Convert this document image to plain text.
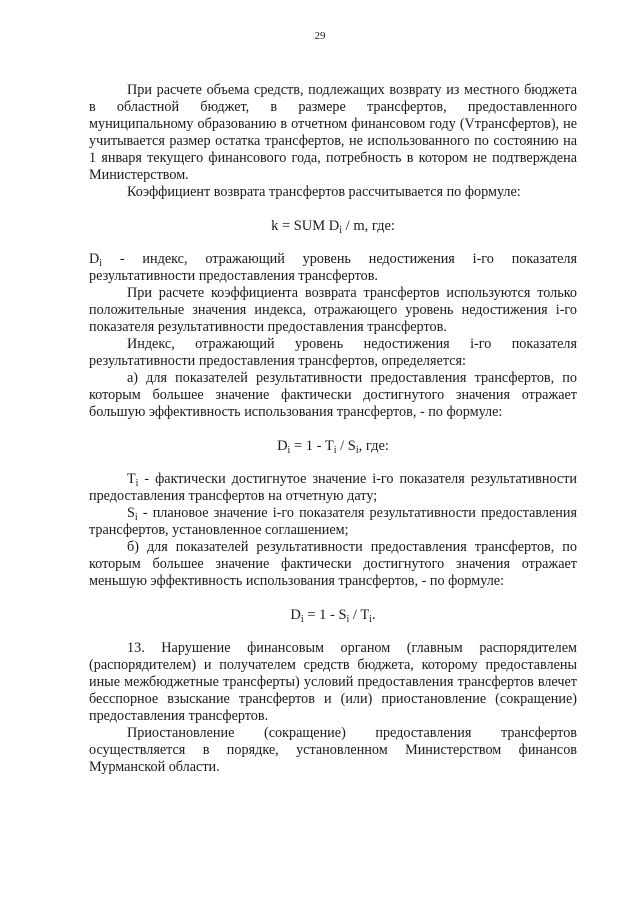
29

При расчете объема средств, подлежащих возврату из местного бюджета в областной бюджет, в размере трансфертов, предоставленного муниципальному образованию в отчетном финансовом году (Vтрансфертов), не учитывается размер остатка трансфертов, не использованного по состоянию на 1 января текущего финансового года, потребность в котором не подтверждена Министерством.

Коэффициент возврата трансфертов рассчитывается по формуле:

k = SUM $D_i$ / m, где:

$D_i$ - индекс, отражающий уровень недостижения i-го показателя результативности предоставления трансфертов.

При расчете коэффициента возврата трансфертов используются только положительные значения индекса, отражающего уровень недостижения i-го показателя результативности предоставления трансфертов.

Индекс, отражающий уровень недостижения i-го показателя результативности предоставления трансфертов, определяется:

а) для показателей результативности предоставления трансфертов, по которым большее значение фактически достигнутого значения отражает большую эффективность использования трансфертов, - по формуле:

$D_i = 1 - T_i / S_i$, где:

$T_i$ - фактически достигнутое значение i-го показателя результативности предоставления трансфертов на отчетную дату;

$S_i$ - плановое значение i-го показателя результативности предоставления трансфертов, установленное соглашением;

б) для показателей результативности предоставления трансфертов, по которым большее значение фактически достигнутого значения отражает меньшую эффективность использования трансфертов, - по формуле:

$D_i = 1 - S_i / T_i$.

13. Нарушение финансовым органом (главным распорядителем (распорядителем) и получателем средств бюджета, которому предоставлены иные межбюджетные трансферты) условий предоставления трансфертов влечет бесспорное взыскание трансфертов и (или) приостановление (сокращение) предоставления трансфертов.

Приостановление (сокращение) предоставления трансфертов осуществляется в порядке, установленном Министерством финансов Мурманской области.
